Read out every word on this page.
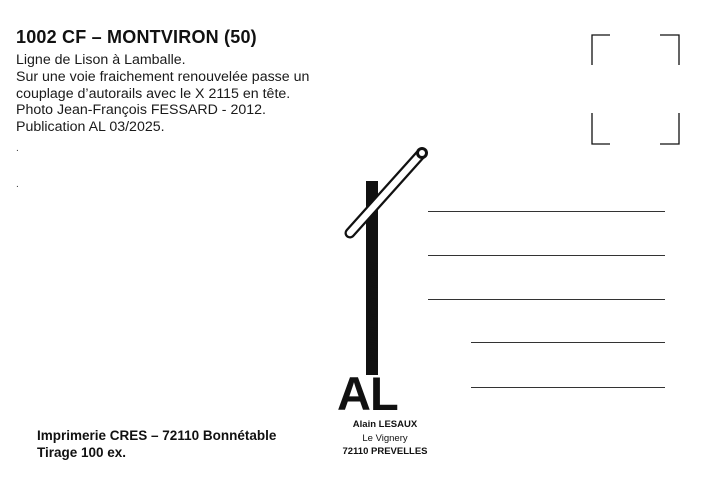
1002 CF – MONTVIRON (50)
Ligne de Lison à Lamballe.
Sur une voie fraichement renouvelée passe un
couplage d’autorails avec le X 2115 en tête.
Photo Jean-François FESSARD - 2012.
Publication AL 03/2025.
.
.
PUBLICATION
AL
Alain LESAUX
Le Vignery
72110 PREVELLES
Imprimerie CRES – 72110 Bonnétable
Tirage 100 ex.
